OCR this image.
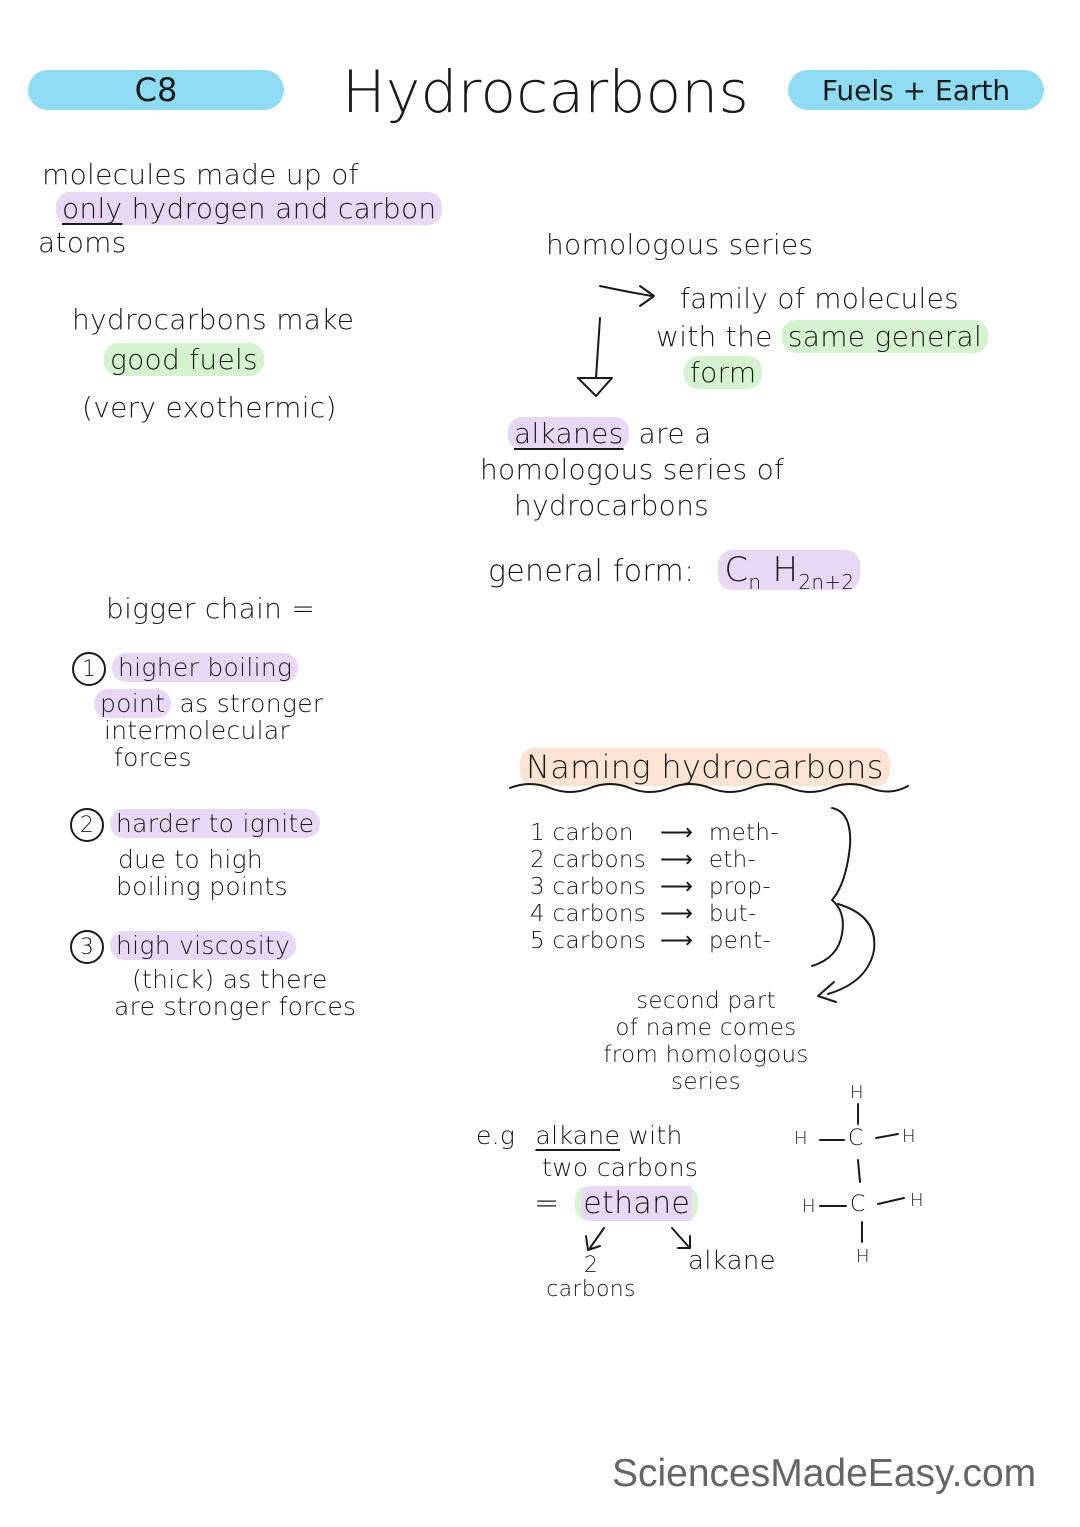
C8	Hydrocarbons	Fuels + Earth
molecules made up of
only hydrogen and carbon
atoms
hydrocarbons make
good fuels
(very exothermic)
homologous series
family of molecules
with the same general
form
alkanes are a
homologous series of
hydrocarbons
general form: $C_n$ $H_{2n+2}$
bigger chain =
1 higher boiling
point as stronger
intermolecular
forces
2 harder to ignite
due to high
boiling points
3 high viscosity
(thick) as there
are stronger forces
Naming hydrocarbons
1 carbon ⟶ meth-
2 carbons ⟶ eth-
3 carbons ⟶ prop-
4 carbons ⟶ but-
5 carbons ⟶ pent-
second part
of name comes
from homologous
series
e.g alkane with
two carbons
= ethane
2
carbons
alkane
H
H C H
H C H
H
SciencesMadeEasy.com
